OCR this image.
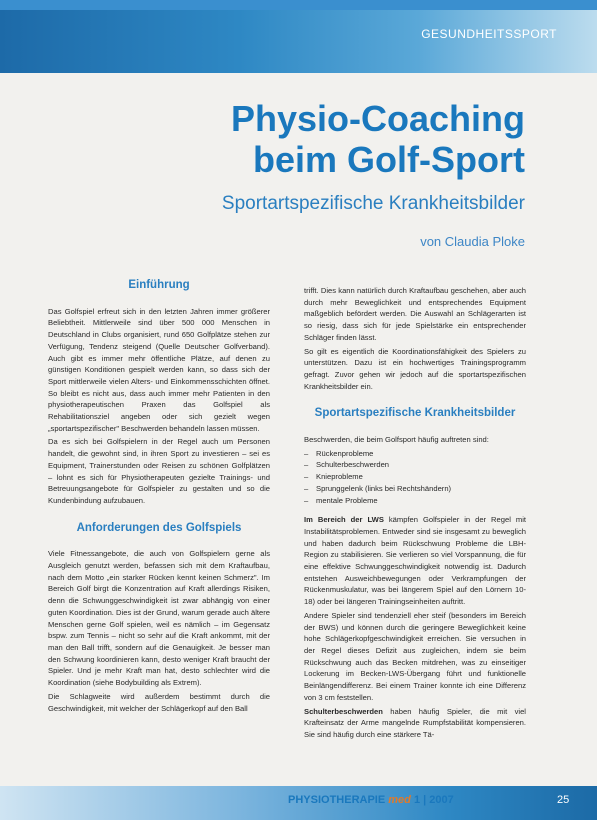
GESUNDHEITSSPORT
Physio-Coaching
beim Golf-Sport
Sportartspezifische Krankheitsbilder
von Claudia Ploke
Einführung

Das Golfspiel erfreut sich in den letzten Jahren immer größerer Beliebtheit. Mittlerweile sind über 500 000 Menschen in Deutschland in Clubs organisiert, rund 650 Golfplätze stehen zur Verfügung, Tendenz steigend (Quelle Deutscher Golfverband). Auch gibt es immer mehr öffentliche Plätze, auf denen zu günstigen Konditionen gespielt werden kann, so dass sich der Sport mittlerweile vielen Alters- und Einkommensschichten öffnet. So bleibt es nicht aus, dass auch immer mehr Patienten in den physiotherapeutischen Praxen das Golfspiel als Rehabilitationsziel angeben oder sich gezielt wegen „sportartspezifischer" Beschwerden behandeln lassen müssen.

Da es sich bei Golfspielern in der Regel auch um Personen handelt, die gewohnt sind, in ihren Sport zu investieren – sei es Equipment, Trainerstunden oder Reisen zu schönen Golfplätzen – lohnt es sich für Physiotherapeuten gezielte Trainings- und Betreuungsangebote für Golfspieler zu gestalten und so die Kundenbindung aufzubauen.

Anforderungen des Golfspiels

Viele Fitnessangebote, die auch von Golfspielern gerne als Ausgleich genutzt werden, befassen sich mit dem Kraftaufbau, nach dem Motto „ein starker Rücken kennt keinen Schmerz". Im Bereich Golf birgt die Konzentration auf Kraft allerdings Risiken, denn die Schwunggeschwindigkeit ist zwar abhängig von einer guten Koordination. Dies ist der Grund, warum gerade auch ältere Menschen gerne Golf spielen, weil es nämlich – im Gegensatz bspw. zum Tennis – nicht so sehr auf die Kraft ankommt, mit der man den Ball trifft, sondern auf die Genauigkeit. Je besser man den Schwung koordinieren kann, desto weniger Kraft braucht der Spieler. Und je mehr Kraft man hat, desto schlechter wird die Koordination (siehe Bodybuilding als Extrem).

Die Schlagweite wird außerdem bestimmt durch die Geschwindigkeit, mit welcher der Schlägerkopf auf den Ball

trifft. Dies kann natürlich durch Kraftaufbau geschehen, aber auch durch mehr Beweglichkeit und entsprechendes Equipment maßgeblich befördert werden. Die Auswahl an Schlägerarten ist so riesig, dass sich für jede Spielstärke ein entsprechender Schläger finden lässt.

So gilt es eigentlich die Koordinationsfähigkeit des Spielers zu unterstützen. Dazu ist ein hochwertiges Trainingsprogramm gefragt. Zuvor gehen wir jedoch auf die sportartspezifischen Krankheitsbilder ein.

Sportartspezifische Krankheitsbilder

Beschwerden, die beim Golfsport häufig auftreten sind:

– Rückenprobleme
– Schulterbeschwerden
– Knieprobleme
– Sprunggelenk (links bei Rechtshändern)
– mentale Probleme

Im Bereich der LWS kämpfen Golfspieler in der Regel mit Instabilitätsproblemen. Entweder sind sie insgesamt zu beweglich und haben dadurch beim Rückschwung Probleme die LBH-Region zu stabilisieren. Sie verlieren so viel Vorspannung, die für eine effektive Schwunggeschwindigkeit notwendig ist. Dadurch entstehen Ausweichbewegungen oder Verkrampfungen der Rückenmuskulatur, was bei längerem Spiel auf den Lörnern 10-18) oder bei längeren Trainingseinheiten auftritt.

Andere Spieler sind tendenziell eher steif (besonders im Bereich der BWS) und können durch die geringere Beweglichkeit keine hohe Schlägerkopfgeschwindigkeit erreichen. Sie versuchen in der Regel dieses Defizit aus zugleichen, indem sie beim Rückschwung auch das Becken mitdrehen, was zu einseitiger Lockerung im Becken-LWS-Übergang führt und funktionelle Beinlängendifferenz. Bei einem Trainer konnte ich eine Differenz von 3 cm feststellen.

Schulterbeschwerden haben häufig Spieler, die mit viel Krafteinsatz der Arme mangelnde Rumpfstabilität kompensieren. Sie sind häufig durch eine stärkere Tä-

PHYSIOTHERAPIE med 1 | 2007	25
